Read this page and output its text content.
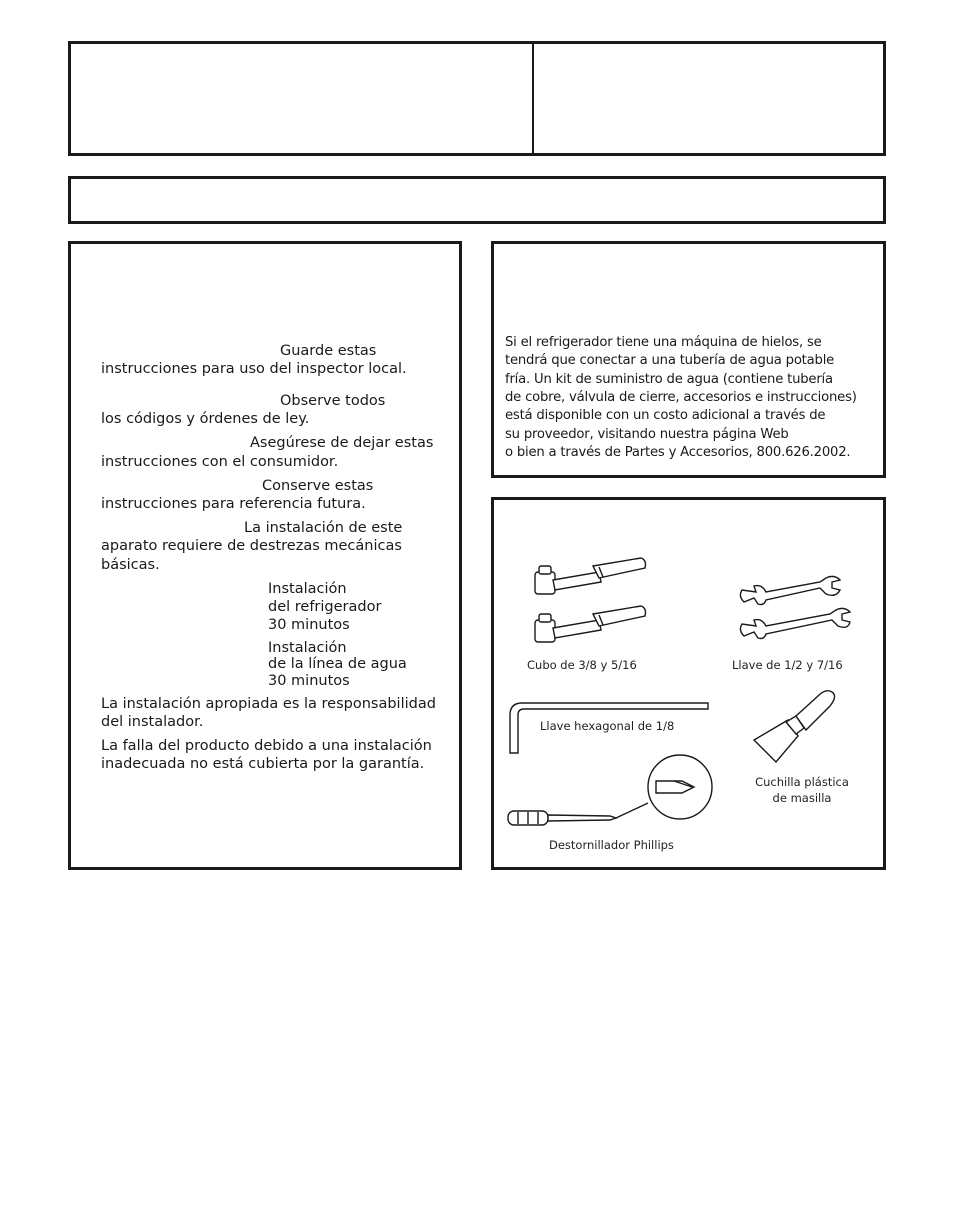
Guarde estas
instrucciones para uso del inspector local.
Observe todos
los códigos y órdenes de ley.
Asegúrese de dejar estas
instrucciones con el consumidor.
Conserve estas
instrucciones para referencia futura.
La instalación de este
aparato requiere de destrezas mecánicas
básicas.
Instalación
del refrigerador
30 minutos
Instalación
de la línea de agua
30 minutos
La instalación apropiada es la responsabilidad
del instalador.
La falla del producto debido a una instalación
inadecuada no está cubierta por la garantía.
Si el refrigerador tiene una máquina de hielos, se
tendrá que conectar a una tubería de agua potable
fría. Un kit de suministro de agua (contiene tubería
de cobre, válvula de cierre, accesorios e instrucciones)
está disponible con un costo adicional a través de
su proveedor, visitando nuestra página Web
o bien a través de Partes y Accesorios, 800.626.2002.
Cubo de 3/8 y 5/16	Llave de 1/2 y 7/16
Llave hexagonal de 1/8
Cuchilla plástica
de masilla
Destornillador Phillips
